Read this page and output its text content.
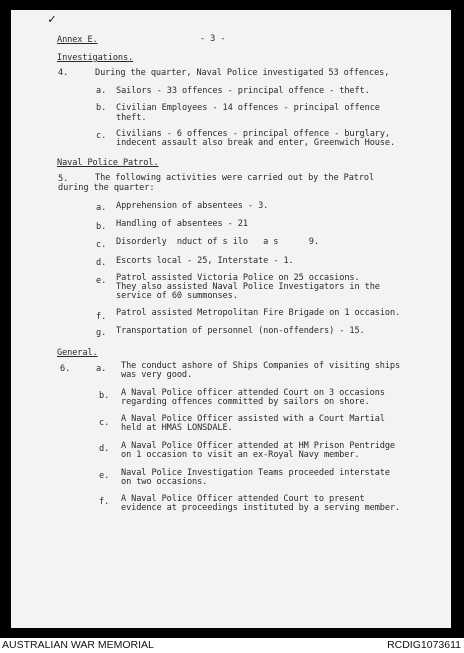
✓
- 3 -
Annex E.
Investigations.
4.	During the quarter, Naval Police investigated 53 offences,
a. Sailors - 33 offences - principal offence - theft.
b. Civilian Employees - 14 offences - principal offence
theft.
c. Civilians - 6 offences - principal offence - burglary,
indecent assault also break and enter, Greenwich House.
Naval Police Patrol.
5.	The following activities were carried out by the Patrol
during the quarter:
a. Apprehension of absentees - 3.
b. Handling of absentees - 21
c. Disorderly  nduct of s ilo   a s      9.
d. Escorts local - 25, Interstate - 1.
e. Patrol assisted Victoria Police on 25 occasions.
They also assisted Naval Police Investigators in the
service of 60 summonses.
f. Patrol assisted Metropolitan Fire Brigade on 1 occasion.
g. Transportation of personnel (non-offenders) - 15.
General.
6.	a. The conduct ashore of Ships Companies of visiting ships
was very good.
b. A Naval Police officer attended Court on 3 occasions
regarding offences committed by sailors on shore.
c. A Naval Police Officer assisted with a Court Martial
held at HMAS LONSDALE.
d. A Naval Police Officer attended at HM Prison Pentridge
on 1 occasion to visit an ex-Royal Navy member.
e. Naval Police Investigation Teams proceeded interstate
on two occasions.
f. A Naval Police Officer attended Court to present
evidence at proceedings instituted by a serving member.
AUSTRALIAN WAR MEMORIAL	RCDIG1073611
